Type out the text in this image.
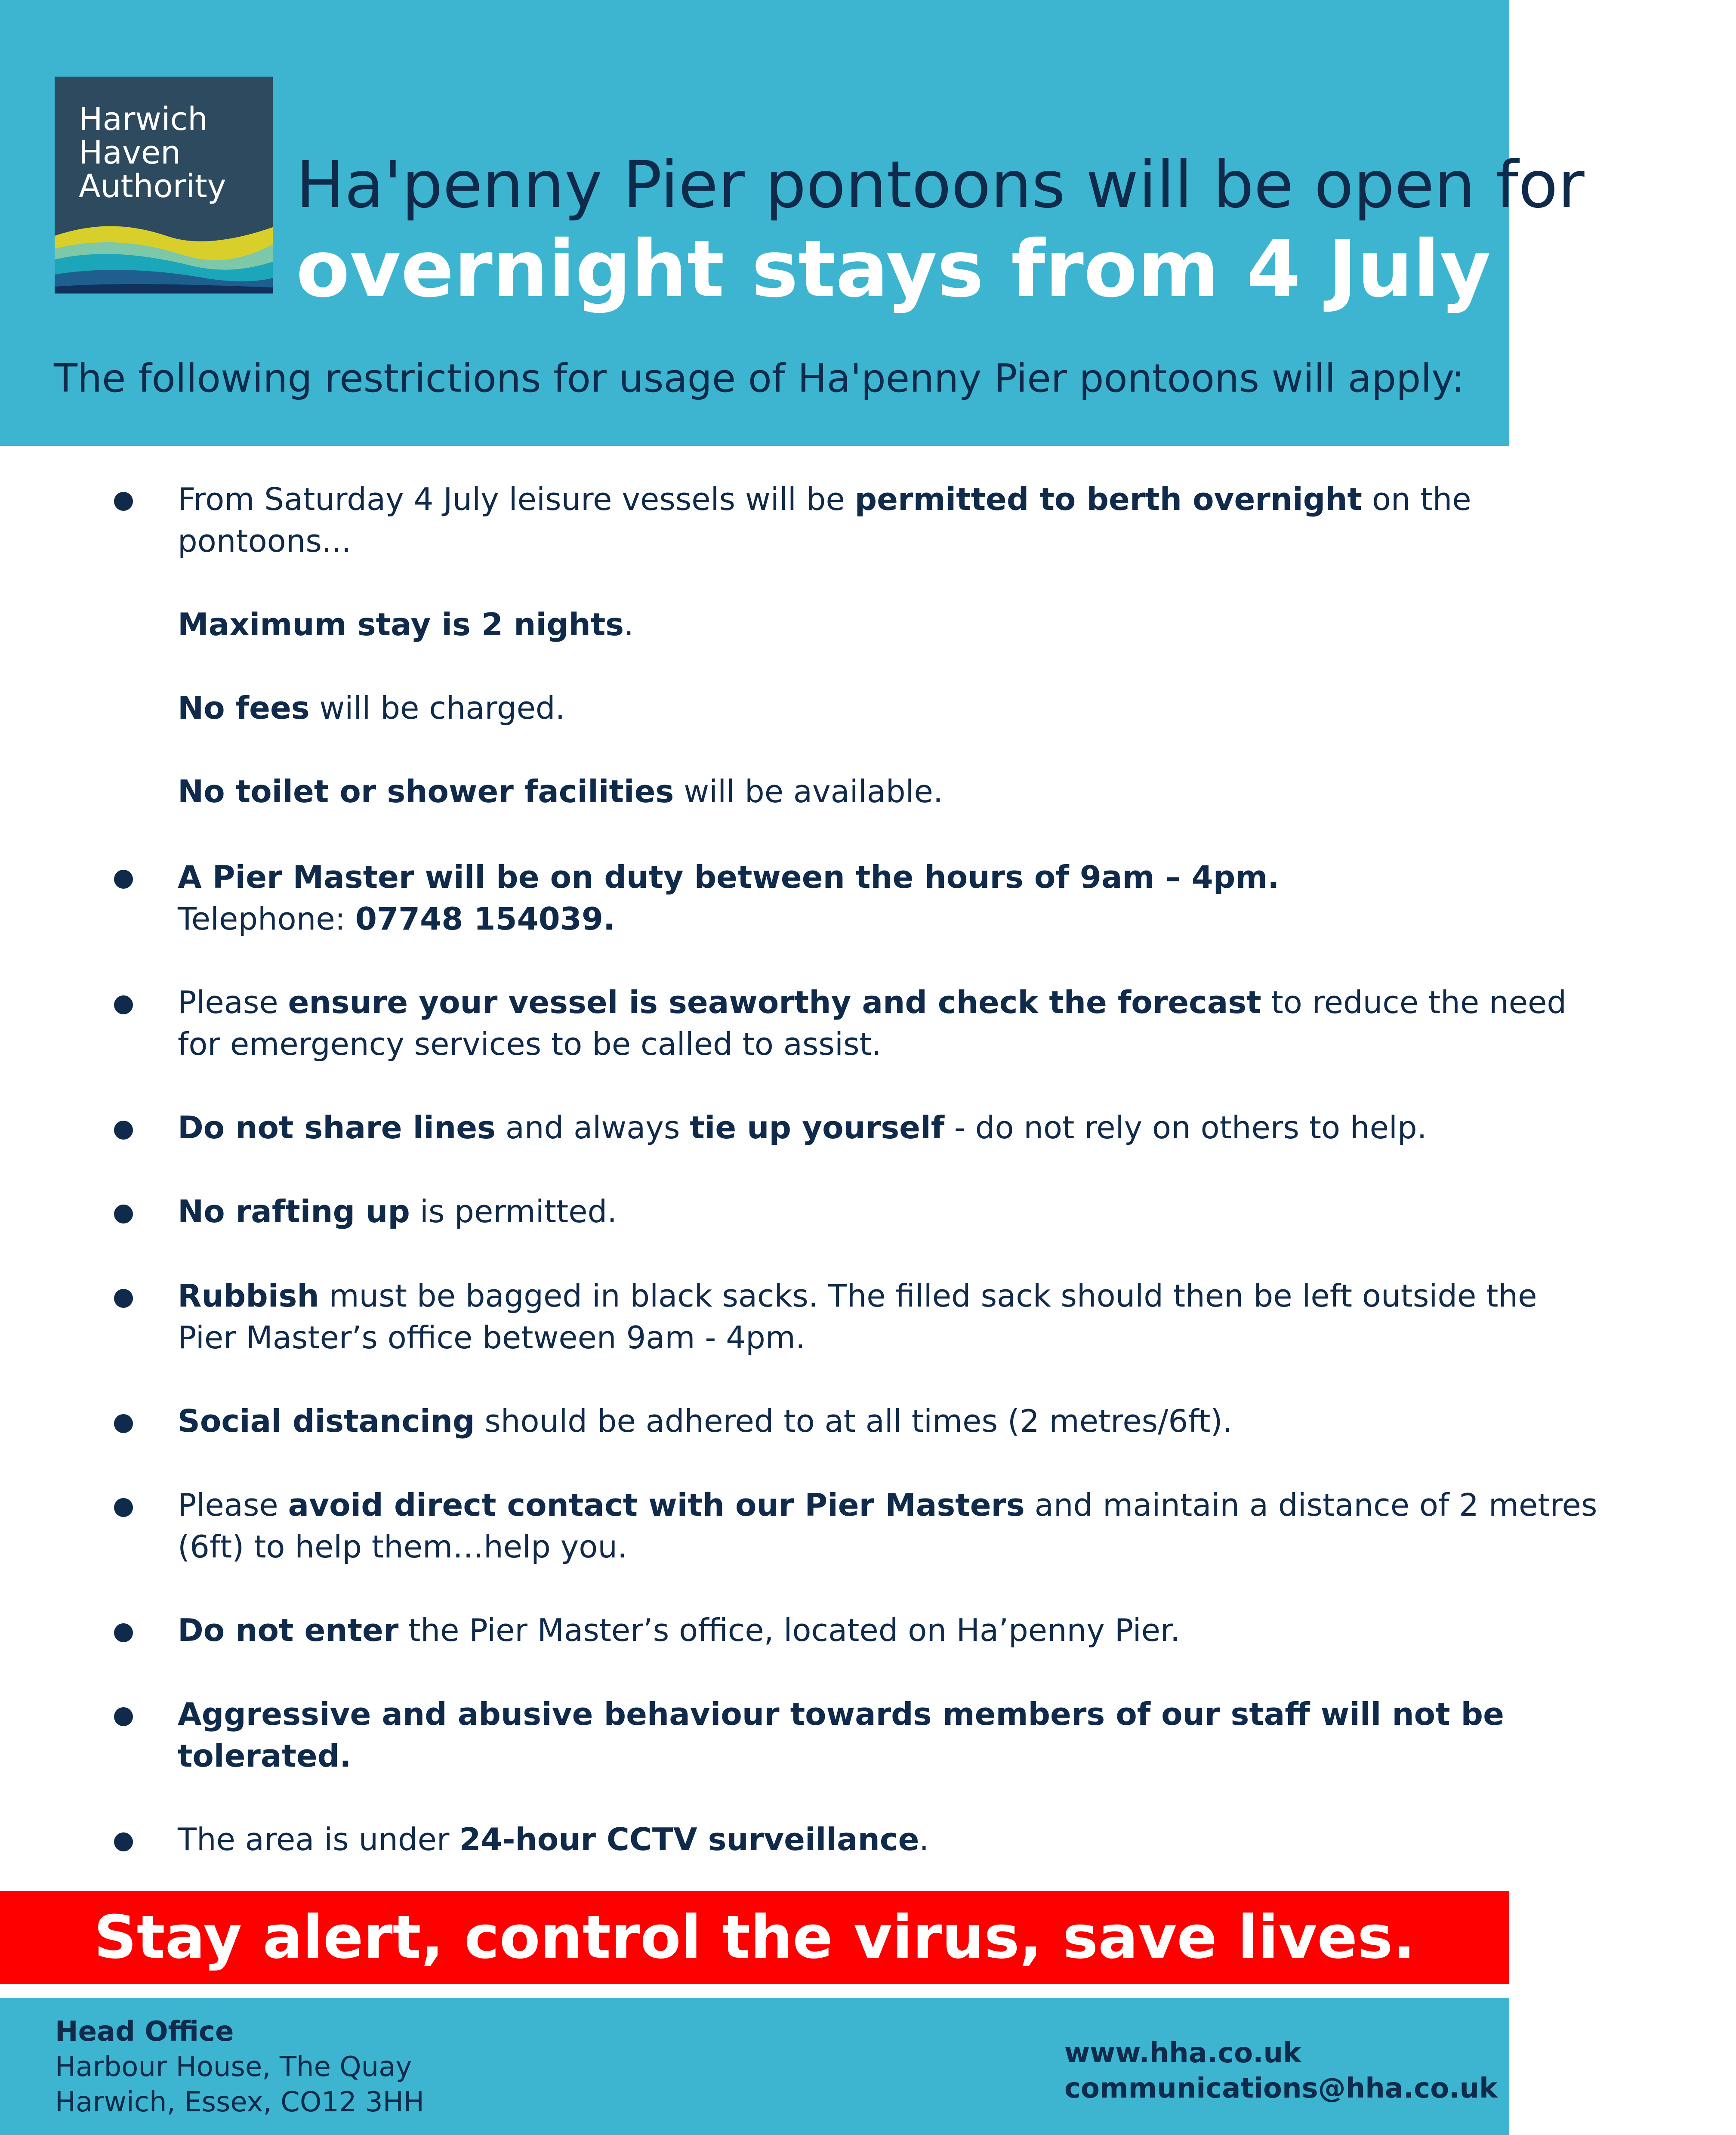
Harwich
Haven
Authority Ha'penny Pier pontoons will be open for
overnight stays from 4 July 2020
The following restrictions for usage of Ha'penny Pier pontoons will apply:
From Saturday 4 July leisure vessels will be permitted to berth overnight on the
pontoons...
Maximum stay is 2 nights.
No fees will be charged.
No toilet or shower facilities will be available.
A Pier Master will be on duty between the hours of 9am – 4pm.
Telephone: 07748 154039.
Please ensure your vessel is seaworthy and check the forecast to reduce the need
for emergency services to be called to assist.
Do not share lines and always tie up yourself - do not rely on others to help.
No rafting up is permitted.
Rubbish must be bagged in black sacks. The filled sack should then be left outside the
Pier Master’s office between 9am - 4pm.
Social distancing should be adhered to at all times (2 metres/6ft).
Please avoid direct contact with our Pier Masters and maintain a distance of 2 metres
(6ft) to help them…help you.
Do not enter the Pier Master’s office, located on Ha’penny Pier.
Aggressive and abusive behaviour towards members of our staff will not be
tolerated.
The area is under 24-hour CCTV surveillance.
Stay alert, control the virus, save lives.
Head Office
Harbour House, The Quay
Harwich, Essex, CO12 3HH
www.hha.co.uk
communications@hha.co.uk
